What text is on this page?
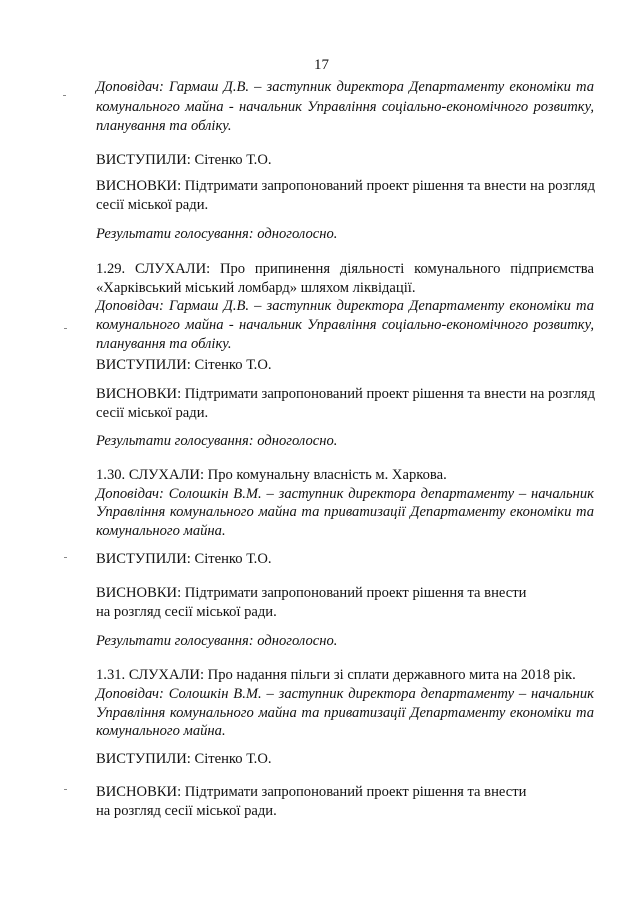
17
Доповідач: Гармаш Д.В. – заступник директора Департаменту економіки та
комунального майна - начальник Управління соціально-економічного розвитку,
планування та обліку.
ВИСТУПИЛИ: Сітенко Т.О.
ВИСНОВКИ: Підтримати запропонований проект рішення та внести на розгляд
сесії міської ради.
Результати голосування: одноголосно.
1.29. СЛУХАЛИ: Про припинення діяльності комунального підприємства
«Харківський міський ломбард» шляхом ліквідації.
Доповідач: Гармаш Д.В. – заступник директора Департаменту економіки та
комунального майна - начальник Управління соціально-економічного розвитку,
планування та обліку.
ВИСТУПИЛИ: Сітенко Т.О.
ВИСНОВКИ: Підтримати запропонований проект рішення та внести на розгляд
сесії міської ради.
Результати голосування: одноголосно.
1.30. СЛУХАЛИ: Про комунальну власність м. Харкова.
Доповідач: Солошкін В.М. – заступник директора департаменту – начальник
Управління комунального майна та приватизації Департаменту економіки та
комунального майна.
ВИСТУПИЛИ: Сітенко Т.О.
ВИСНОВКИ: Підтримати запропонований проект рішення та внести
на розгляд сесії міської ради.
Результати голосування: одноголосно.
1.31. СЛУХАЛИ: Про надання пільги зі сплати державного мита на 2018 рік.
Доповідач: Солошкін В.М. – заступник директора департаменту – начальник
Управління комунального майна та приватизації Департаменту економіки та
комунального майна.
ВИСТУПИЛИ: Сітенко Т.О.
ВИСНОВКИ: Підтримати запропонований проект рішення та внести
на розгляд сесії міської ради.
